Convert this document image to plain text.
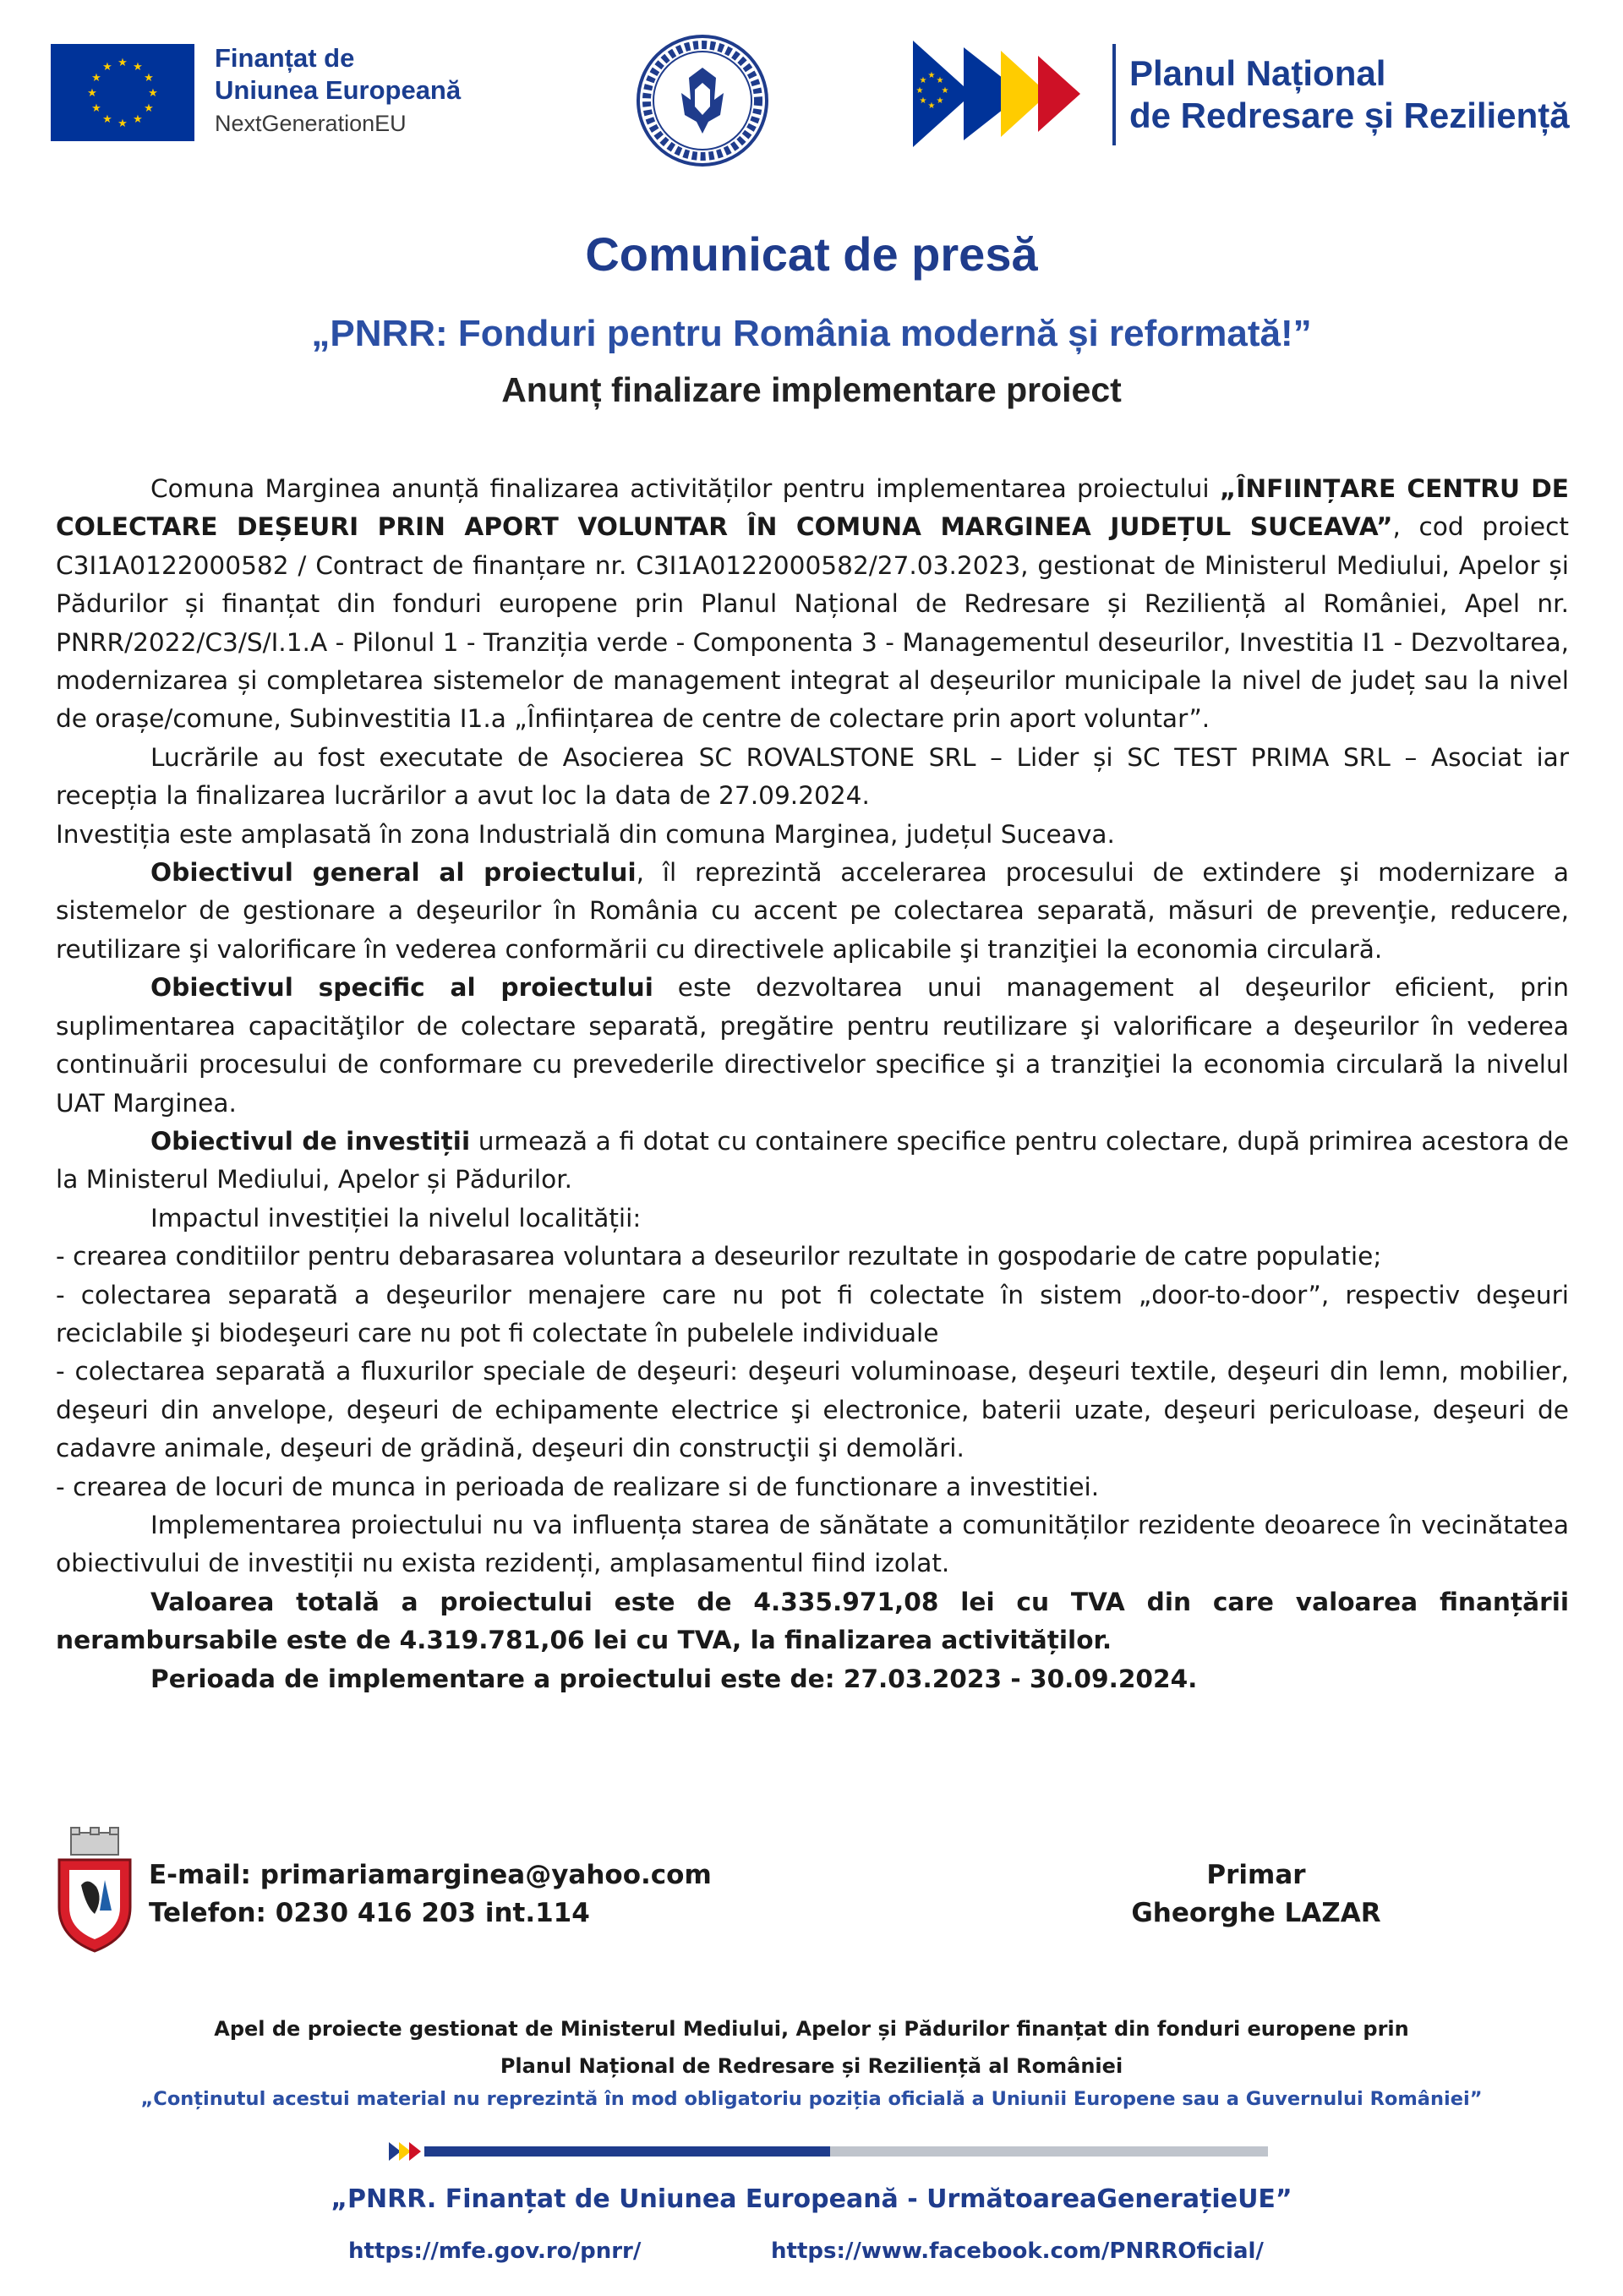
★ ★
★
★
★
★
★
★
★
★
★
★	Finanțat de
Uniunea Europeană
NextGenerationEU
★
★
★
★
★
★
★
★	Planul Național
de Redresare și Reziliență
Comunicat de presă
„PNRR: Fonduri pentru România modernă și reformată!”
Anunț finalizare implementare proiect

Comuna Marginea anunță finalizarea activităților pentru implementarea proiectului „ÎNFIINȚARE CENTRU DE COLECTARE DEȘEURI PRIN APORT VOLUNTAR ÎN COMUNA MARGINEA JUDEȚUL SUCEAVA”, cod proiect C3I1A0122000582 / Contract de finanțare nr. C3I1A0122000582/27.03.2023, gestionat de Ministerul Mediului, Apelor și Pădurilor și finanțat din fonduri europene prin Planul Național de Redresare și Reziliență al României, Apel nr. PNRR/2022/C3/S/I.1.A - Pilonul 1 - Tranziția verde - Componenta 3 - Managementul deseurilor, Investitia I1 - Dezvoltarea, modernizarea și completarea sistemelor de management integrat al deșeurilor municipale la nivel de județ sau la nivel de orașe/comune, Subinvestitia I1.a „Înființarea de centre de colectare prin aport voluntar”.

Lucrările au fost executate de Asocierea SC ROVALSTONE SRL – Lider și SC TEST PRIMA SRL – Asociat iar recepția la finalizarea lucrărilor a avut loc la data de 27.09.2024.

Investiția este amplasată în zona Industrială din comuna Marginea, județul Suceava.

Obiectivul general al proiectului, îl reprezintă accelerarea procesului de extindere şi modernizare a sistemelor de gestionare a deşeurilor în România cu accent pe colectarea separată, măsuri de prevenţie, reducere, reutilizare şi valorificare în vederea conformării cu directivele aplicabile şi tranziţiei la economia circulară.

Obiectivul specific al proiectului este dezvoltarea unui management al deşeurilor eficient, prin suplimentarea capacităţilor de colectare separată, pregătire pentru reutilizare şi valorificare a deşeurilor în vederea continuării procesului de conformare cu prevederile directivelor specifice şi a tranziţiei la economia circulară la nivelul UAT Marginea.

Obiectivul de investiții urmează a fi dotat cu containere specifice pentru colectare, după primirea acestora de la Ministerul Mediului, Apelor și Pădurilor.

Impactul investiției la nivelul localității:

- crearea conditiilor pentru debarasarea voluntara a deseurilor rezultate in gospodarie de catre populatie;

- colectarea separată a deşeurilor menajere care nu pot fi colectate în sistem „door-to-door”, respectiv deşeuri reciclabile şi biodeşeuri care nu pot fi colectate în pubelele individuale

- colectarea separată a fluxurilor speciale de deşeuri: deşeuri voluminoase, deşeuri textile, deşeuri din lemn, mobilier, deşeuri din anvelope, deşeuri de echipamente electrice şi electronice, baterii uzate, deşeuri periculoase, deşeuri de cadavre animale, deşeuri de grădină, deşeuri din construcţii şi demolări.

- crearea de locuri de munca in perioada de realizare si de functionare a investitiei.

Implementarea proiectului nu va influența starea de sănătate a comunităților rezidente deoarece în vecinătatea obiectivului de investiții nu exista rezidenți, amplasamentul fiind izolat.

Valoarea totală a proiectului este de 4.335.971,08 lei cu TVA din care valoarea finanțării nerambursabile este de 4.319.781,06 lei cu TVA, la finalizarea activităților.

Perioada de implementare a proiectului este de: 27.03.2023 - 30.09.2024.

E-mail: primariamarginea@yahoo.com
Telefon: 0230 416 203 int.114
Primar
Gheorghe LAZAR
Apel de proiecte gestionat de Ministerul Mediului, Apelor și Pădurilor finanțat din fonduri europene prin
Planul Național de Redresare și Reziliență al României
„Conținutul acestui material nu reprezintă în mod obligatoriu poziția oficială a Uniunii Europene sau a Guvernului României”
„PNRR. Finanțat de Uniunea Europeană - UrmătoareaGenerațieUE”
https://mfe.gov.ro/pnrr/	https://www.facebook.com/PNRROficial/
